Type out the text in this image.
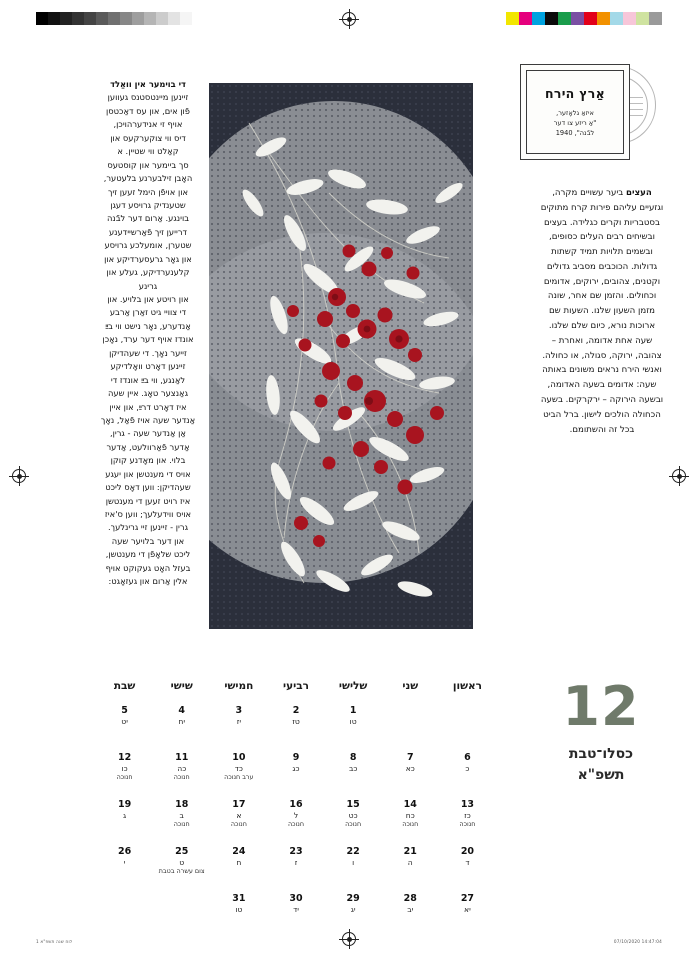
די בוימער אין וואַלד
זיינען מיינטסטנס געווען
פֿון אים, און עס דאַכטסן
אויף זי אנידערהויכן,
דיס ווי צוקערקעס און
קאַלט ווי שטיין. א
סך ביימער און קוסטעס
האָבן זילבערנע בלעטער,
און אויפֿן הימל זעען זיך
שטענדיק גרויסע דעגן
בוינגע. אַרום דער לבֿנה
דרייען זיך פֿאַרשיידענע
שטערן, אומעלכע גרויסע
און גאָר גרעסערדיקע און
קלענערדיקע, געלע און גרינע
און רויטע און בלויע. און
די צוויי גיט זאַרן אַרבע
אַנדערע, נאָר נישט ווי בײַ
אונדז אויף דער ערד, נאָכן
זייער נאָך. די שעהדיקן
זיינען דאָרט וואָלדיקע
לאַנגע, ווי בײַ אונדז די
גאַנצער טאָג. איין שעה
איז דאָרט דרײַ, און איין
אַנדער שעה אויז פֿאַל, נאָך
אַן אַנדער שעה - גרין,
אַדער פֿאַרוולעט, אַדער
בלוי. און מאָדנע קוקן
אויס די מענטשן און יעגע
שעהדיקן: ווען דאָס ליכט
איז רויט זעען די מענטשן
אויס ווידעלעך; ווען ס'איז
גרין - זיינען זיי גרינלעך.
און דער בלויער שעה
ליכט שלאָפֿן די מענטשן,
בעזל האָט געקוקט אויף
אלין אַרום און געזאָגט:
אַרץ הירח
איזאַ גלאָזער,
"אַ ריזע צו דער
לבֿנה", 1940
העצים ביער עשויים מקרה, וגזעיים עליהם פירות קרח מתוקים בסטבריות וקרים כגלידה. בעצים ובשיחים רבים העלים כסופים, ובשמים תלויות תמיד קשתות גדולות. הכוכבים מסביב גדולים וקטנים, צהובים, ירוקים, אדומים וכחולים. והזמן שם אחר, שונה מזמן השעון שלנו. השעות שם ארוכות נורא, כיום שלם שלנו. שעה אחת אדומה, ואחרת – צהובה, ירוקה, סגולה, או כחולה. ואנשי הירח נראים משונים באותה שעה: אדומים בשעה האדומה, ובשעה הירוקה – ירקרקים. בשעה הכחולה הולכים לישון. ברל הביט בכל זה והשתומם.
12
כסלו־טבת
תשפ"א
ראשון
שני
שלישי
רביעי
חמישי
שישי
שבת
1
טו
2
טז
3
יז
4
יח
5
יט
6
כ
7
כא
8
כב
9
כג
10
כד
ערב חנוכה
11
כה
חנוכה
12
כו
חנוכה
13
כז
חנוכה
14
כח
חנוכה
15
כט
חנוכה
16
ל
חנוכה
17
א
חנוכה
18
ב
חנוכה
19
ג
20
ד
21
ה
22
ו
23
ז
24
ח
25
ט
צום עשרה בטבת
26
י
27
יא
28
יב
29
יג
30
יד
31
טו
לוח שנה תשפ"א 1	07/10/2020 14:47:04
